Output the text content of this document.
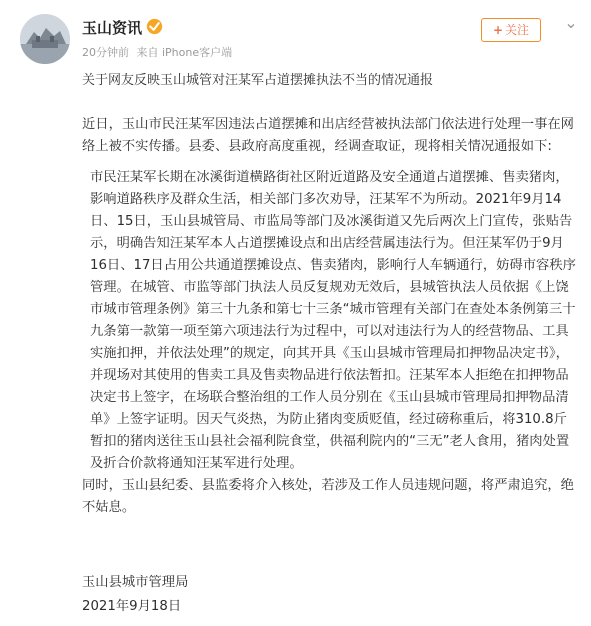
玉山资讯
20分钟前 来自 iPhone客户端
+ 关注	⌄
关于网友反映玉山城管对汪某军占道摆摊执法不当的情况通报

近日，玉山市民汪某军因违法占道摆摊和出店经营被执法部门依法进行处理一事在网络上被不实传播。县委、县政府高度重视，经调查取证，现将相关情况通报如下:

市民汪某军长期在冰溪街道横路街社区附近道路及安全通道占道摆摊、售卖猪肉，影响道路秩序及群众生活，相关部门多次劝导，汪某军不为所动。2021年9月14日、15日，玉山县城管局、市监局等部门及冰溪街道又先后两次上门宣传，张贴告示，明确告知汪某军本人占道摆摊设点和出店经营属违法行为。但汪某军仍于9月16日、17日占用公共通道摆摊设点、售卖猪肉，影响行人车辆通行，妨碍市容秩序管理。在城管、市监等部门执法人员反复规劝无效后，县城管执法人员依据《上饶市城市管理条例》第三十九条和第七十三条“城市管理有关部门在查处本条例第三十九条第一款第一项至第六项违法行为过程中，可以对违法行为人的经营物品、工具实施扣押，并依法处理”的规定，向其开具《玉山县城市管理局扣押物品决定书》，并现场对其使用的售卖工具及售卖物品进行依法暂扣。汪某军本人拒绝在扣押物品决定书上签字，在场联合整治组的工作人员分别在《玉山县城市管理局扣押物品清单》上签字证明。因天气炎热，为防止猪肉变质贬值，经过磅称重后，将310.8斤暂扣的猪肉送往玉山县社会福利院食堂，供福利院内的“三无”老人食用，猪肉处置及折合价款将通知汪某军进行处理。

同时，玉山县纪委、县监委将介入核处，若涉及工作人员违规问题，将严肃追究，绝不姑息。

玉山县城市管理局
2021年9月18日
